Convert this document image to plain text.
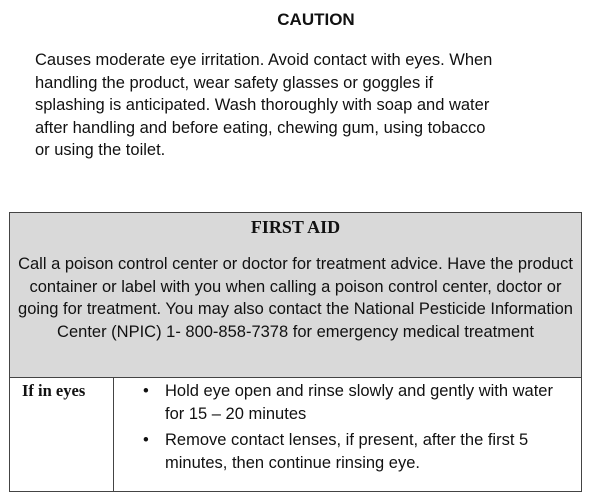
CAUTION

Causes moderate eye irritation. Avoid contact with eyes. When
handling the product, wear safety glasses or goggles if
splashing is anticipated. Wash thoroughly with soap and water
after handling and before eating, chewing gum, using tobacco
or using the toilet.

FIRST AID

Call a poison control center or doctor for treatment advice. Have the product container or label with you when calling a poison control center, doctor or going for treatment. You may also contact the National Pesticide Information Center (NPIC) 1- 800-858-7378 for emergency medical treatment

If in eyes	• Hold eye open and rinse slowly and gently with water for 15 – 20 minutes
• Remove contact lenses, if present, after the first 5 minutes, then continue rinsing eye.
